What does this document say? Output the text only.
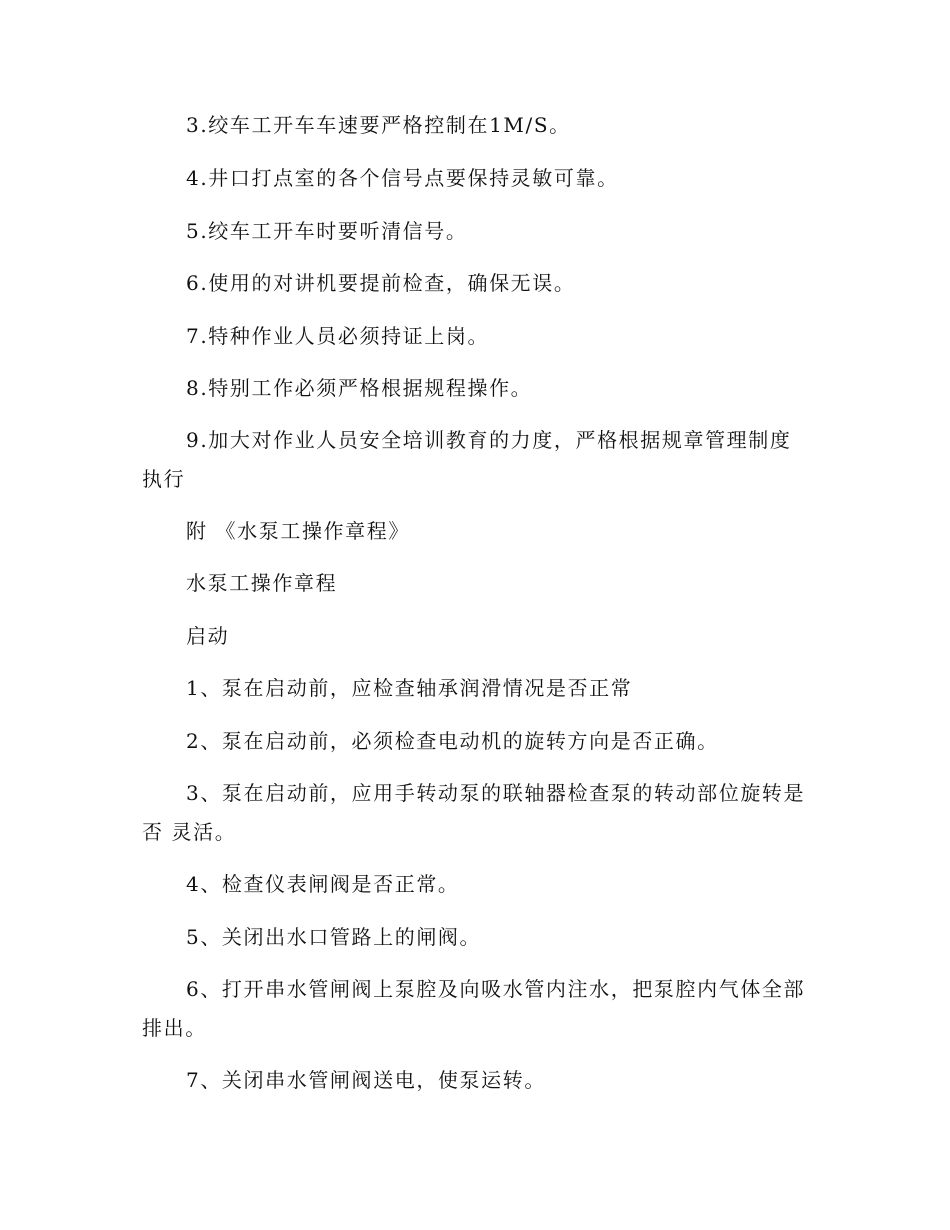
3.绞车工开车车速要严格控制在1M/S。

4.井口打点室的各个信号点要保持灵敏可靠。

5.绞车工开车时要听清信号。

6.使用的对讲机要提前检查，确保无误。

7.特种作业人员必须持证上岗。

8.特别工作必须严格根据规程操作。

9.加大对作业人员安全培训教育的力度，严格根据规章管理制度执行

附 《水泵工操作章程》

水泵工操作章程

启动

1、泵在启动前，应检查轴承润滑情况是否正常

2、泵在启动前，必须检查电动机的旋转方向是否正确。

3、泵在启动前，应用手转动泵的联轴器检查泵的转动部位旋转是否 灵活。

4、检查仪表闸阀是否正常。

5、关闭出水口管路上的闸阀。

6、打开串水管闸阀上泵腔及向吸水管内注水，把泵腔内气体全部排出。

7、关闭串水管闸阀送电，使泵运转。
